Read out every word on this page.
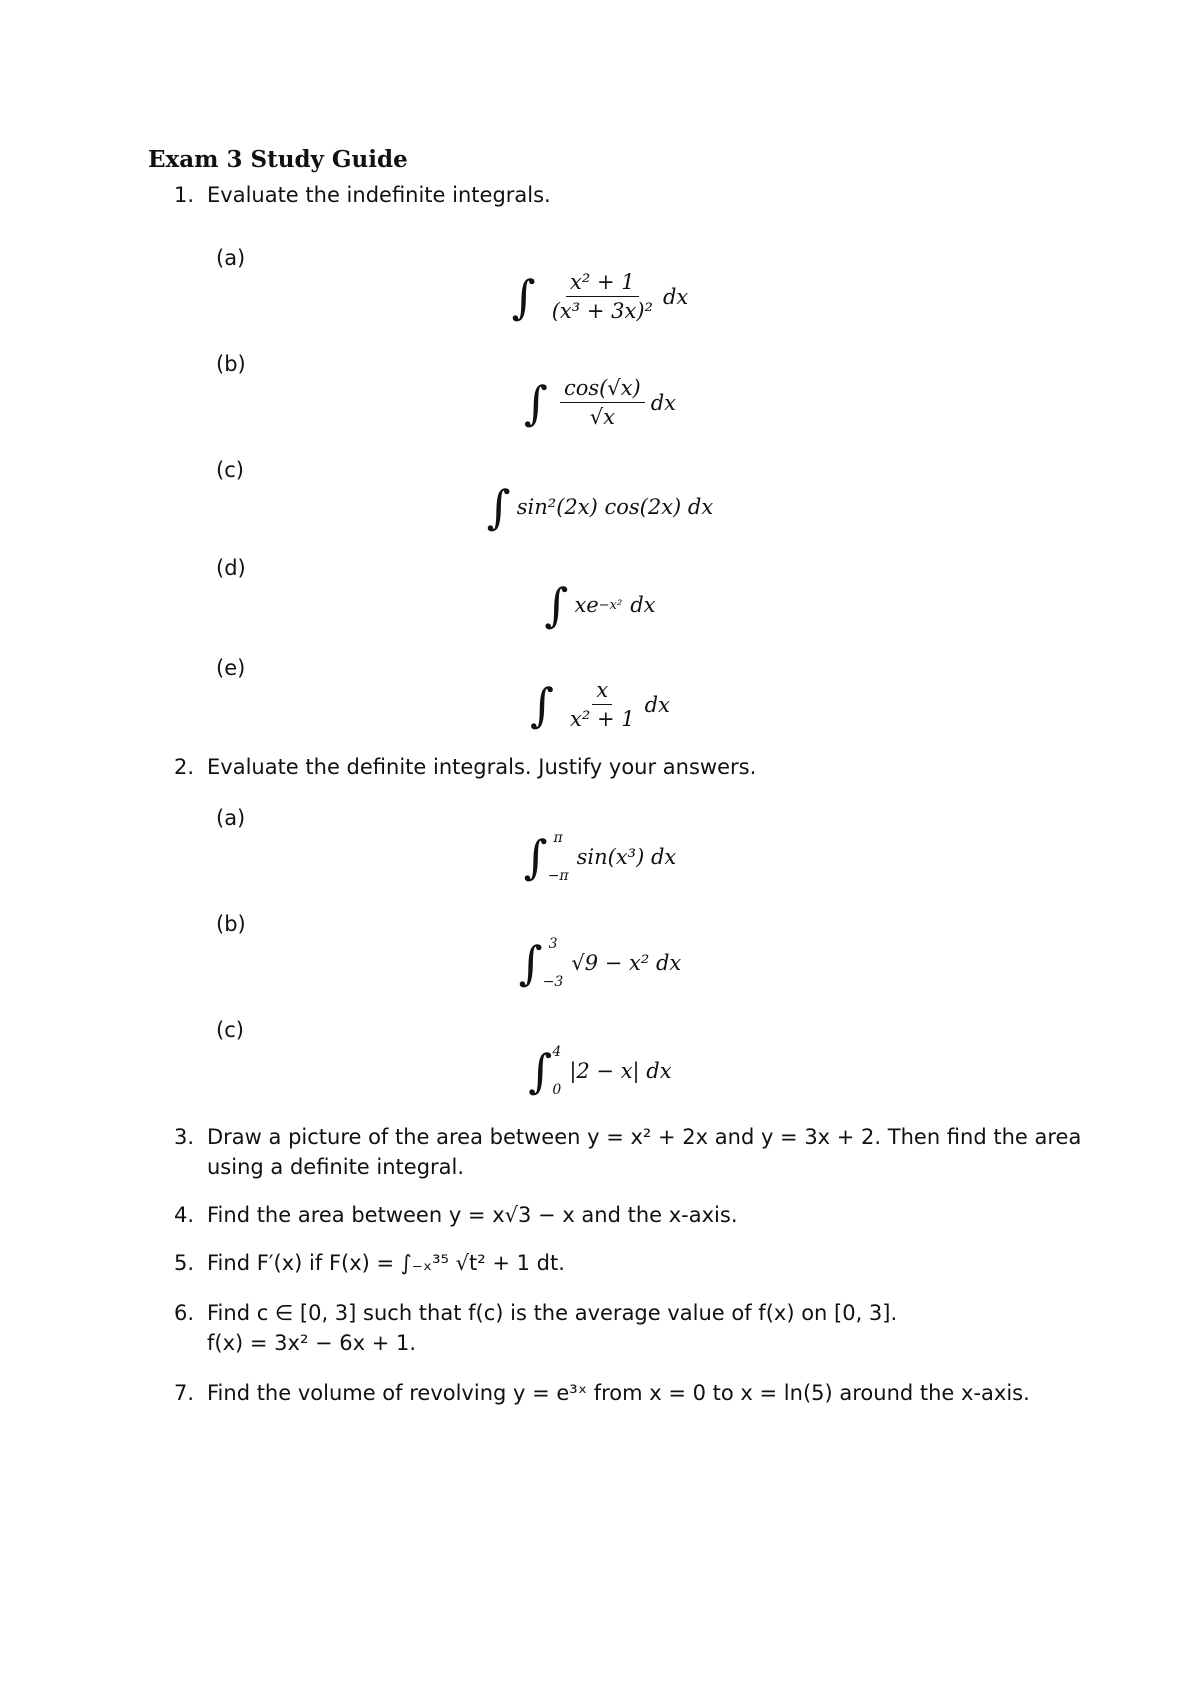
Exam 3 Study Guide
1. Evaluate the indefinite integrals.
(a)
∫ $\frac{\text{x² + 1}}{\text{(x³ + 3x)²}}$ dx
(b)
∫ $\frac{\cos(√x)}{√x}$ dx
(c)
∫ sin²(2x) cos(2x) dx
(d)
∫ xe −x² dx
(e)
∫ $\frac{x}{\text{x² + 1}}$ dx
2. Evaluate the definite integrals. Justify your answers.
(a)
∫ π
−π
sin(x³) dx
(b)
∫ 3
−3
√9 − x² dx
(c)
∫ 4
0
|2 − x| dx
3. Draw a picture of the area between y = x² + 2x and y = 3x + 2. Then find the area
using a definite integral.
4. Find the area between y = x√3 − x and the x-axis.
5. Find F′(x) if F(x) = ∫₋ₓ³⁵ √t² + 1 dt.
6. Find c ∈ [0, 3] such that f(c) is the average value of f(x) on [0, 3].
f(x) = 3x² − 6x + 1.
7. Find the volume of revolving y = e³ˣ from x = 0 to x = ln(5) around the x-axis.
